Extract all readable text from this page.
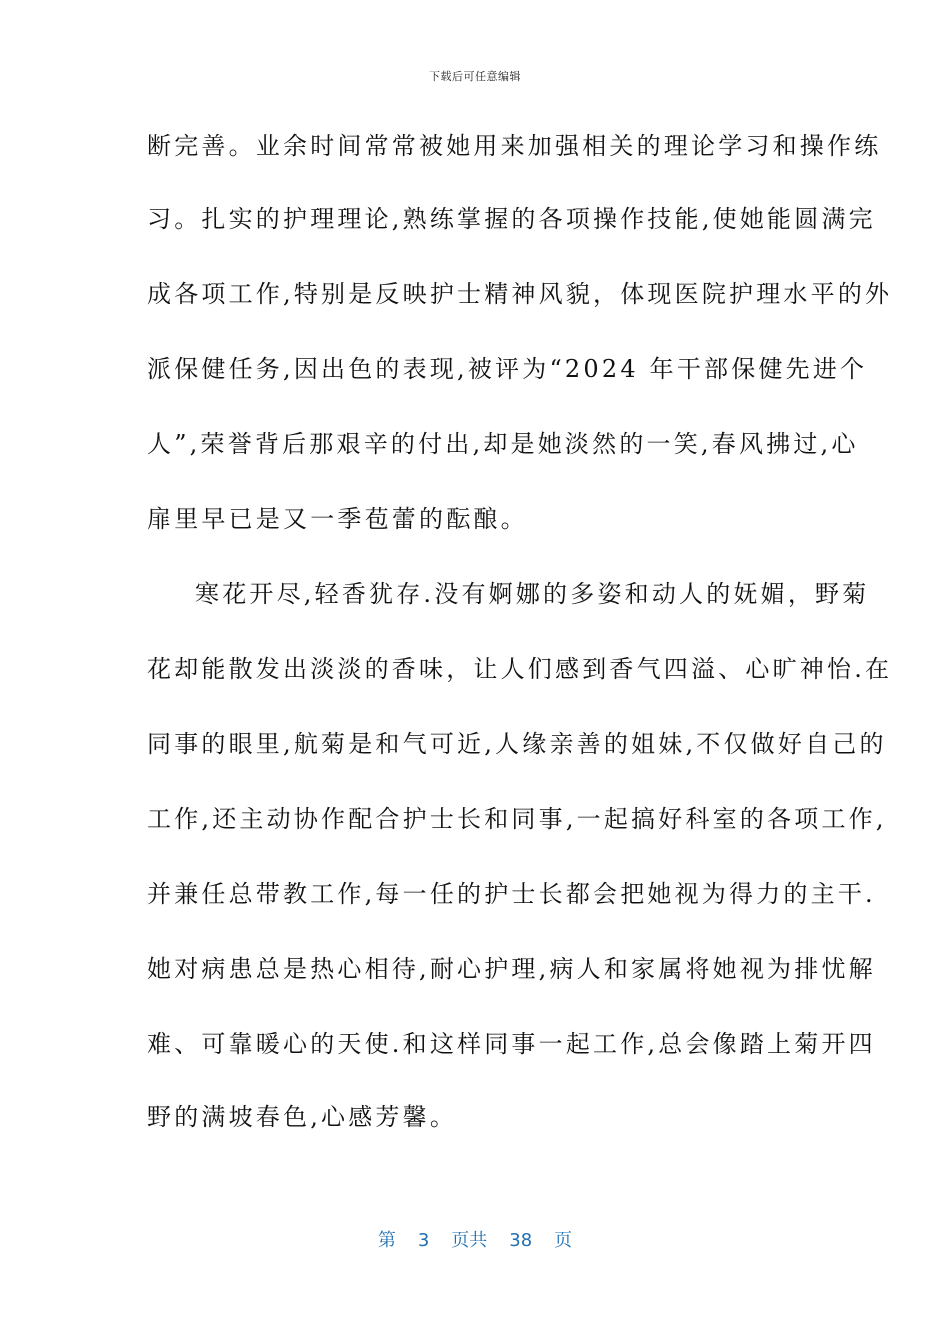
下载后可任意编辑
断完善。业余时间常常被她用来加强相关的理论学习和操作练
习。扎实的护理理论,熟练掌握的各项操作技能,使她能圆满完
成各项工作,特别是反映护士精神风貌，体现医院护理水平的外
派保健任务,因出色的表现,被评为“2024 年干部保健先进个
人”,荣誉背后那艰辛的付出,却是她淡然的一笑,春风拂过,心
扉里早已是又一季苞蕾的酝酿。
寒花开尽,轻香犹存.没有婀娜的多姿和动人的妩媚，野菊
花却能散发出淡淡的香味，让人们感到香气四溢、心旷神怡.在
同事的眼里,航菊是和气可近,人缘亲善的姐妹,不仅做好自己的
工作,还主动协作配合护士长和同事,一起搞好科室的各项工作,
并兼任总带教工作,每一任的护士长都会把她视为得力的主干.
她对病患总是热心相待,耐心护理,病人和家属将她视为排忧解
难、可靠暖心的天使.和这样同事一起工作,总会像踏上菊开四
野的满坡春色,心感芳馨。
第 3 页共 38 页
